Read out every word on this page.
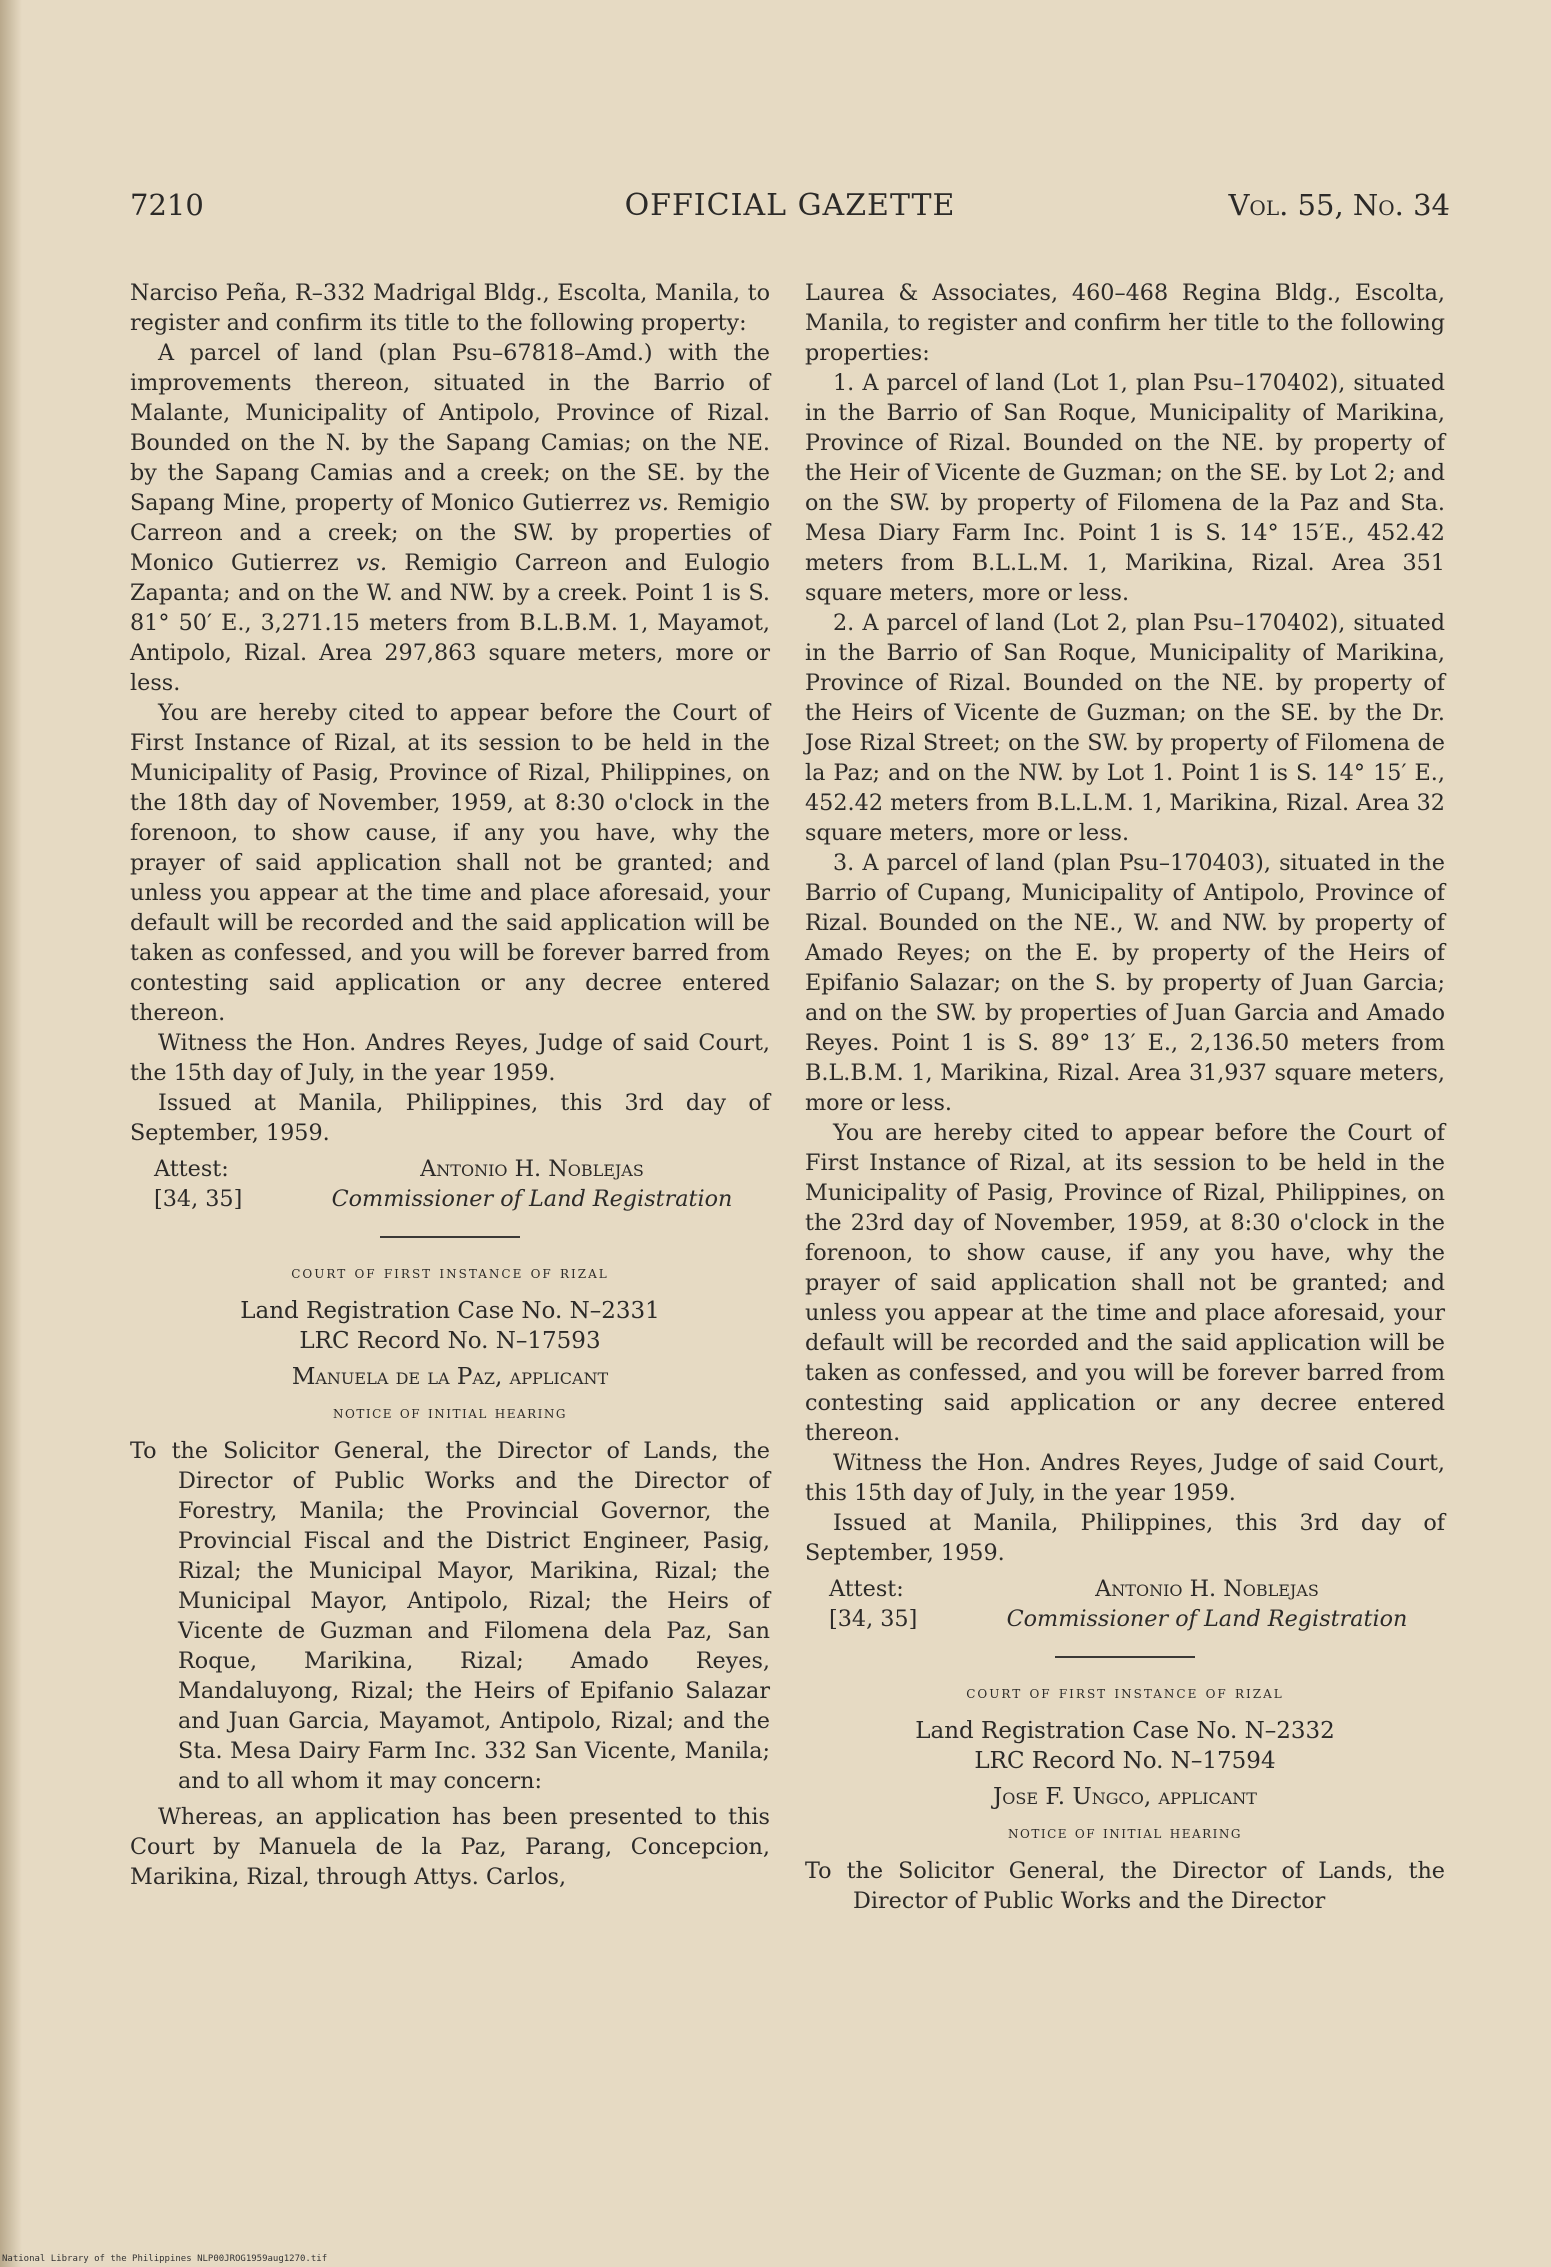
7210	OFFICIAL GAZETTE	Vol. 55, No. 34

Narciso Peña, R–332 Madrigal Bldg., Escolta, Manila, to register and confirm its title to the following property:

A parcel of land (plan Psu–67818–Amd.) with the improvements thereon, situated in the Barrio of Malante, Municipality of Antipolo, Province of Rizal. Bounded on the N. by the Sapang Camias; on the NE. by the Sapang Camias and a creek; on the SE. by the Sapang Mine, property of Monico Gutierrez vs. Remigio Carreon and a creek; on the SW. by properties of Monico Gutierrez vs. Remigio Carreon and Eulogio Zapanta; and on the W. and NW. by a creek. Point 1 is S. 81° 50′ E., 3,271.15 meters from B.L.B.M. 1, Mayamot, Antipolo, Rizal. Area 297,863 square meters, more or less.

You are hereby cited to appear before the Court of First Instance of Rizal, at its session to be held in the Municipality of Pasig, Province of Rizal, Philippines, on the 18th day of November, 1959, at 8:30 o'clock in the forenoon, to show cause, if any you have, why the prayer of said application shall not be granted; and unless you appear at the time and place aforesaid, your default will be recorded and the said application will be taken as confessed, and you will be forever barred from contesting said application or any decree entered thereon.

Witness the Hon. Andres Reyes, Judge of said Court, the 15th day of July, in the year 1959.

Issued at Manila, Philippines, this 3rd day of September, 1959.

Attest:
[34, 35]
Antonio H. Noblejas
Commissioner of Land Registration
court of first instance of rizal
Land Registration Case No. N–2331
LRC Record No. N–17593
Manuela de la Paz, applicant
notice of initial hearing

To the Solicitor General, the Director of Lands, the Director of Public Works and the Director of Forestry, Manila; the Provincial Governor, the Provincial Fiscal and the District Engineer, Pasig, Rizal; the Municipal Mayor, Marikina, Rizal; the Municipal Mayor, Antipolo, Rizal; the Heirs of Vicente de Guzman and Filomena dela Paz, San Roque, Marikina, Rizal; Amado Reyes, Mandaluyong, Rizal; the Heirs of Epifanio Salazar and Juan Garcia, Mayamot, Antipolo, Rizal; and the Sta. Mesa Dairy Farm Inc. 332 San Vicente, Manila; and to all whom it may concern:

Whereas, an application has been presented to this Court by Manuela de la Paz, Parang, Concepcion, Marikina, Rizal, through Attys. Carlos,

Laurea & Associates, 460–468 Regina Bldg., Escolta, Manila, to register and confirm her title to the following properties:

1. A parcel of land (Lot 1, plan Psu–170402), situated in the Barrio of San Roque, Municipality of Marikina, Province of Rizal. Bounded on the NE. by property of the Heir of Vicente de Guzman; on the SE. by Lot 2; and on the SW. by property of Filomena de la Paz and Sta. Mesa Diary Farm Inc. Point 1 is S. 14° 15′E., 452.42 meters from B.L.L.M. 1, Marikina, Rizal. Area 351 square meters, more or less.

2. A parcel of land (Lot 2, plan Psu–170402), situated in the Barrio of San Roque, Municipality of Marikina, Province of Rizal. Bounded on the NE. by property of the Heirs of Vicente de Guzman; on the SE. by the Dr. Jose Rizal Street; on the SW. by property of Filomena de la Paz; and on the NW. by Lot 1. Point 1 is S. 14° 15′ E., 452.42 meters from B.L.L.M. 1, Marikina, Rizal. Area 32 square meters, more or less.

3. A parcel of land (plan Psu–170403), situated in the Barrio of Cupang, Municipality of Antipolo, Province of Rizal. Bounded on the NE., W. and NW. by property of Amado Reyes; on the E. by property of the Heirs of Epifanio Salazar; on the S. by property of Juan Garcia; and on the SW. by properties of Juan Garcia and Amado Reyes. Point 1 is S. 89° 13′ E., 2,136.50 meters from B.L.B.M. 1, Marikina, Rizal. Area 31,937 square meters, more or less.

You are hereby cited to appear before the Court of First Instance of Rizal, at its session to be held in the Municipality of Pasig, Province of Rizal, Philippines, on the 23rd day of November, 1959, at 8:30 o'clock in the forenoon, to show cause, if any you have, why the prayer of said application shall not be granted; and unless you appear at the time and place aforesaid, your default will be recorded and the said application will be taken as confessed, and you will be forever barred from contesting said application or any decree entered thereon.

Witness the Hon. Andres Reyes, Judge of said Court, this 15th day of July, in the year 1959.

Issued at Manila, Philippines, this 3rd day of September, 1959.

Attest:
[34, 35]
Antonio H. Noblejas
Commissioner of Land Registration
court of first instance of rizal
Land Registration Case No. N–2332
LRC Record No. N–17594
Jose F. Ungco, applicant
notice of initial hearing

To the Solicitor General, the Director of Lands, the Director of Public Works and the Director

National Library of the Philippines NLP00JROG1959aug1270.tif
